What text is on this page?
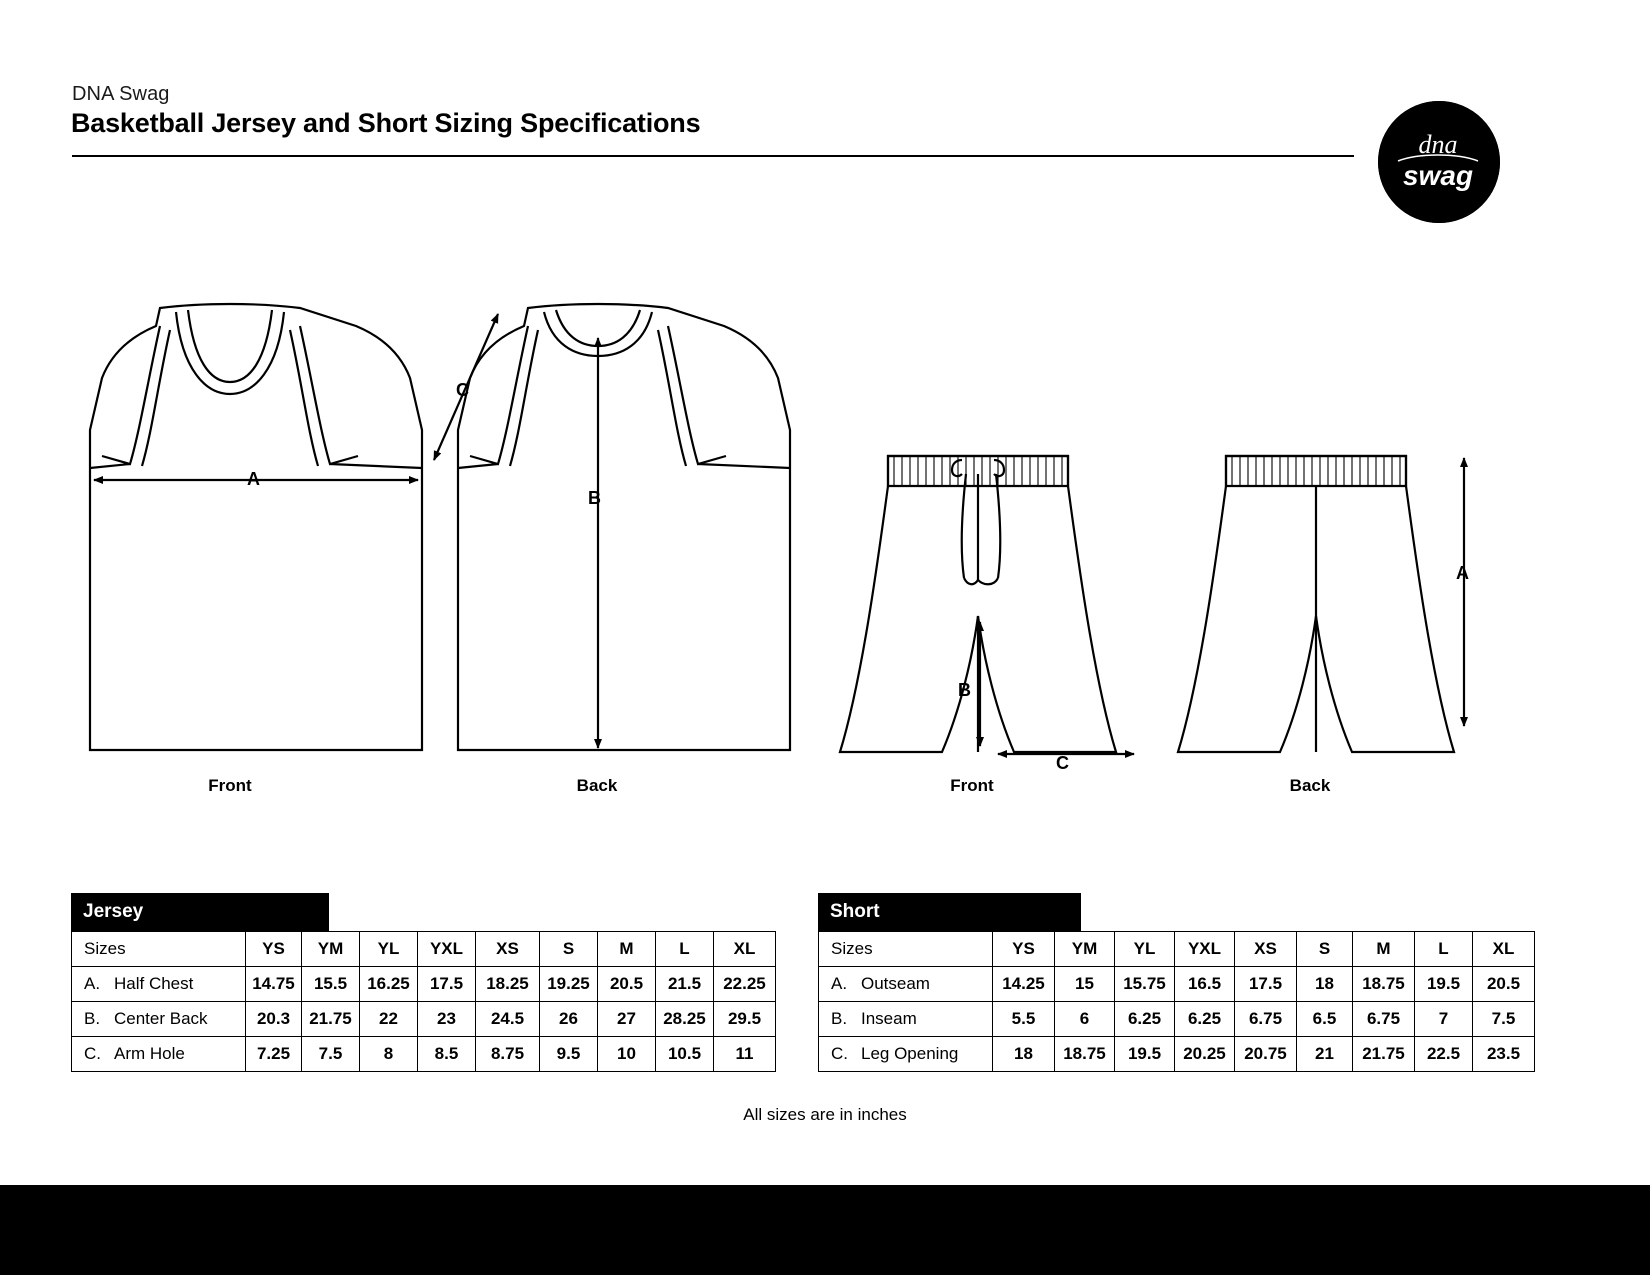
DNA Swag
Basketball Jersey and Short Sizing Specifications
dna
swag
A
B
C
A
B
C
Front	Back	Front	Back
Jersey
Sizes	YS	YM	YL	YXL	XS	S	M	L	XL
A. Half Chest	14.75	15.5	16.25	17.5	18.25	19.25	20.5	21.5	22.25
B. Center Back	20.3	21.75	22	23	24.5	26	27	28.25	29.5
C. Arm Hole	7.25	7.5	8	8.5	8.75	9.5	10	10.5	11
Short
Sizes	YS	YM	YL	YXL	XS	S	M	L	XL
A. Outseam	14.25	15	15.75	16.5	17.5	18	18.75	19.5	20.5
B. Inseam	5.5	6	6.25	6.25	6.75	6.5	6.75	7	7.5
C. Leg Opening	18	18.75	19.5	20.25	20.75	21	21.75	22.5	23.5
All sizes are in inches
